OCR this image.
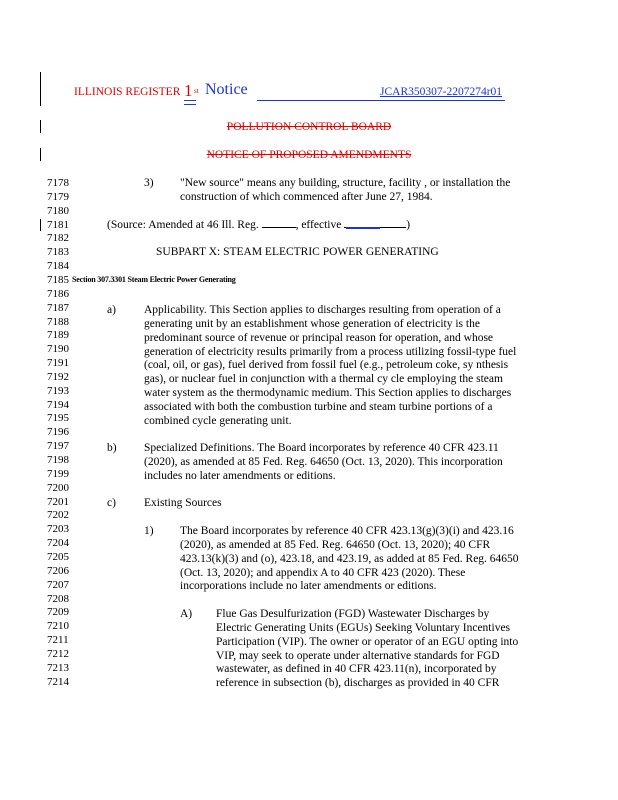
ILLINOIS REGISTER 1 st Notice	JCAR350307-2207274r01
POLLUTION CONTROL BOARD
NOTICE OF PROPOSED AMENDMENTS
7178
7179
7180
7181
7182
7183
7184
7185
7186
7187
7188
7189
7190
7191
7192
7193
7194
7195
7196
7197
7198
7199
7200
7201
7202
7203
7204
7205
7206
7207
7208
7209
7210
7211
7212
7213
7214
3) "New source" means any building, structure, facility , or installation the
construction of which commenced after June 27, 1984.
(Source: Amended at 46 Ill. Reg.	, effective	)
SUBPART X: STEAM ELECTRIC POWER GENERATING
Section 307.3301 Steam Electric Power Generating
a) Applicability. This Section applies to discharges resulting from operation of a
generating unit by an establishment whose generation of electricity is the
predominant source of revenue or principal reason for operation, and whose
generation of electricity results primarily from a process utilizing fossil-type fuel
(coal, oil, or gas), fuel derived from fossil fuel (e.g., petroleum coke, sy nthesis
gas), or nuclear fuel in conjunction with a thermal cy cle employing the steam
water system as the thermodynamic medium. This Section applies to discharges
associated with both the combustion turbine and steam turbine portions of a
combined cycle generating unit.
b) Specialized Definitions. The Board incorporates by reference 40 CFR 423.11
(2020), as amended at 85 Fed. Reg. 64650 (Oct. 13, 2020). This incorporation
includes no later amendments or editions.
c) Existing Sources
1) The Board incorporates by reference 40 CFR 423.13(g)(3)(i) and 423.16
(2020), as amended at 85 Fed. Reg. 64650 (Oct. 13, 2020); 40 CFR
423.13(k)(3) and (o), 423.18, and 423.19, as added at 85 Fed. Reg. 64650
(Oct. 13, 2020); and appendix A to 40 CFR 423 (2020). These
incorporations include no later amendments or editions.
A) Flue Gas Desulfurization (FGD) Wastewater Discharges by
Electric Generating Units (EGUs) Seeking Voluntary Incentives
Participation (VIP). The owner or operator of an EGU opting into
VIP, may seek to operate under alternative standards for FGD
wastewater, as defined in 40 CFR 423.11(n), incorporated by
reference in subsection (b), discharges as provided in 40 CFR
